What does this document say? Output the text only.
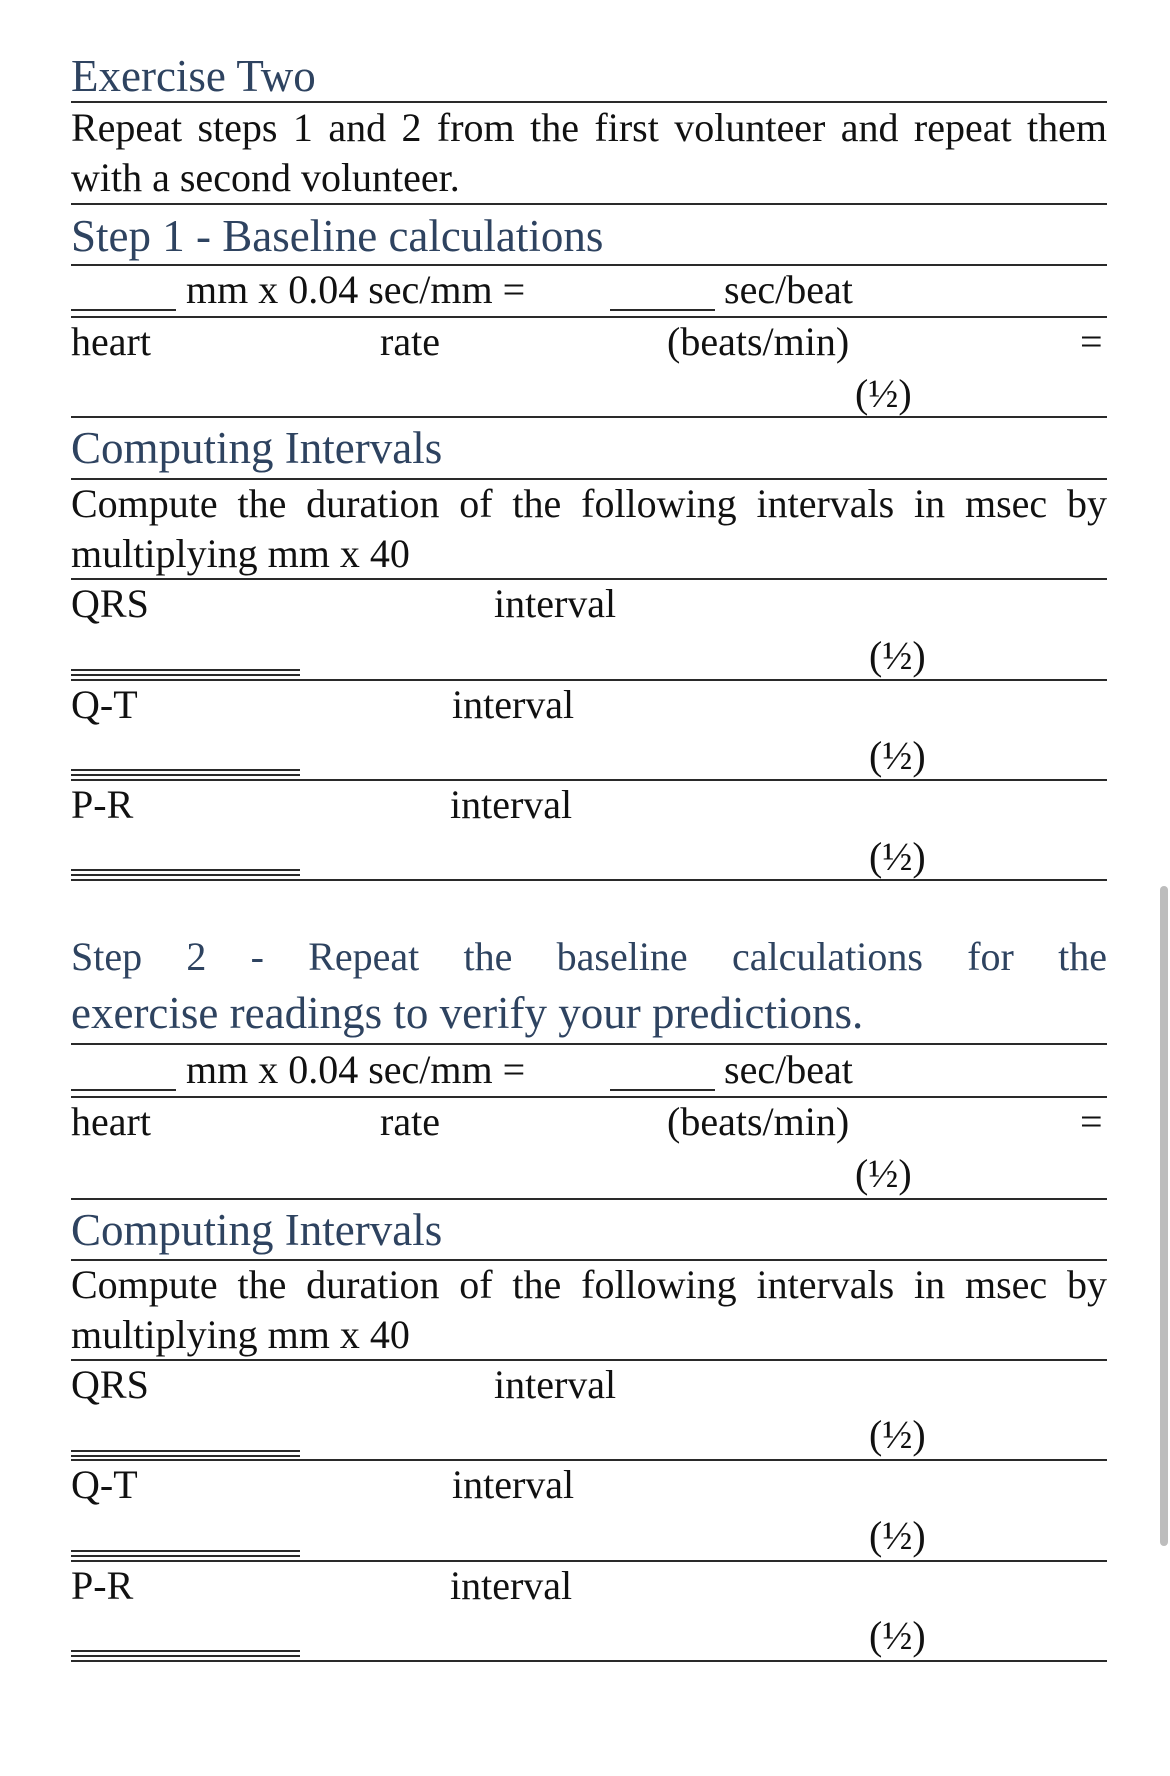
Exercise Two
Repeat steps 1 and 2 from the first volunteer and repeat them
with a second volunteer.
Step 1 - Baseline calculations
mm x 0.04 sec/mm =	sec/beat
heart	rate	(beats/min)	=
(½)
Computing Intervals
Compute the duration of the following intervals in msec by
multiplying mm x 40
QRS	interval
(½)
Q-T	interval
(½)
P-R	interval
(½)
Step 2 - Repeat the baseline calculations for the
exercise readings to verify your predictions.
mm x 0.04 sec/mm =	sec/beat
heart	rate	(beats/min)	=
(½)
Computing Intervals
Compute the duration of the following intervals in msec by
multiplying mm x 40
QRS	interval
(½)
Q-T	interval
(½)
P-R	interval
(½)
